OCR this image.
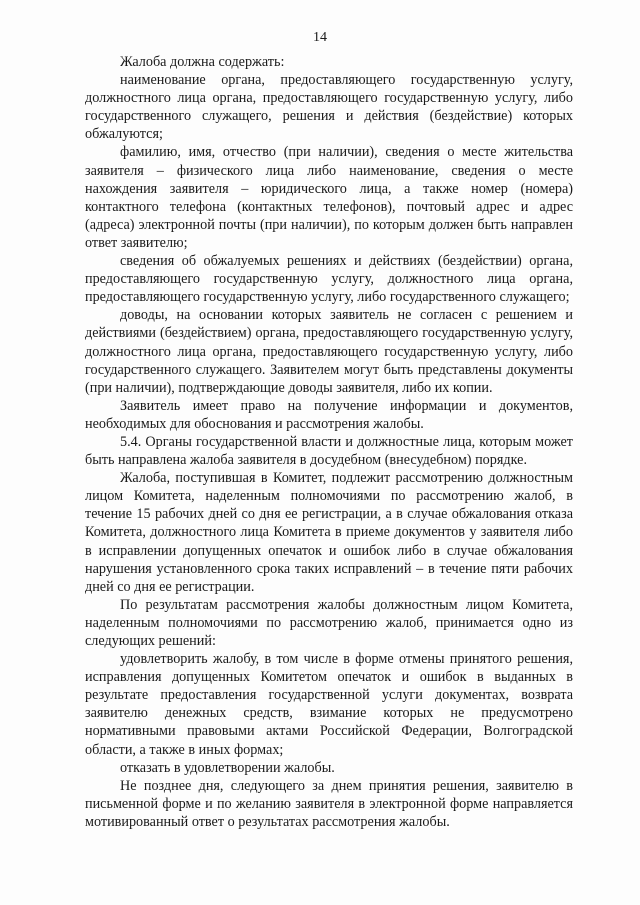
14

Жалоба должна содержать:

наименование органа, предоставляющего государственную услугу, должностного лица органа, предоставляющего государственную услугу, либо государственного служащего, решения и действия (бездействие) которых обжалуются;

фамилию, имя, отчество (при наличии), сведения о месте жительства заявителя – физического лица либо наименование, сведения о месте нахождения заявителя – юридического лица, а также номер (номера) контактного телефона (контактных телефонов), почтовый адрес и адрес (адреса) электронной почты (при наличии), по которым должен быть направлен ответ заявителю;

сведения об обжалуемых решениях и действиях (бездействии) органа, предоставляющего государственную услугу, должностного лица органа, предоставляющего государственную услугу, либо государственного служащего;

доводы, на основании которых заявитель не согласен с решением и действиями (бездействием) органа, предоставляющего государственную услугу, должностного лица органа, предоставляющего государственную услугу, либо государственного служащего. Заявителем могут быть представлены документы (при наличии), подтверждающие доводы заявителя, либо их копии.

Заявитель имеет право на получение информации и документов, необходимых для обоснования и рассмотрения жалобы.

5.4. Органы государственной власти и должностные лица, которым может быть направлена жалоба заявителя в досудебном (внесудебном) порядке.

Жалоба, поступившая в Комитет, подлежит рассмотрению должностным лицом Комитета, наделенным полномочиями по рассмотрению жалоб, в течение 15 рабочих дней со дня ее регистрации, а в случае обжалования отказа Комитета, должностного лица Комитета в приеме документов у заявителя либо в исправлении допущенных опечаток и ошибок либо в случае обжалования нарушения установленного срока таких исправлений – в течение пяти рабочих дней со дня ее регистрации.

По результатам рассмотрения жалобы должностным лицом Комитета, наделенным полномочиями по рассмотрению жалоб, принимается одно из следующих решений:

удовлетворить жалобу, в том числе в форме отмены принятого решения, исправления допущенных Комитетом опечаток и ошибок в выданных в результате предоставления государственной услуги документах, возврата заявителю денежных средств, взимание которых не предусмотрено нормативными правовыми актами Российской Федерации, Волгоградской области, а также в иных формах;

отказать в удовлетворении жалобы.

Не позднее дня, следующего за днем принятия решения, заявителю в письменной форме и по желанию заявителя в электронной форме направляется мотивированный ответ о результатах рассмотрения жалобы.
